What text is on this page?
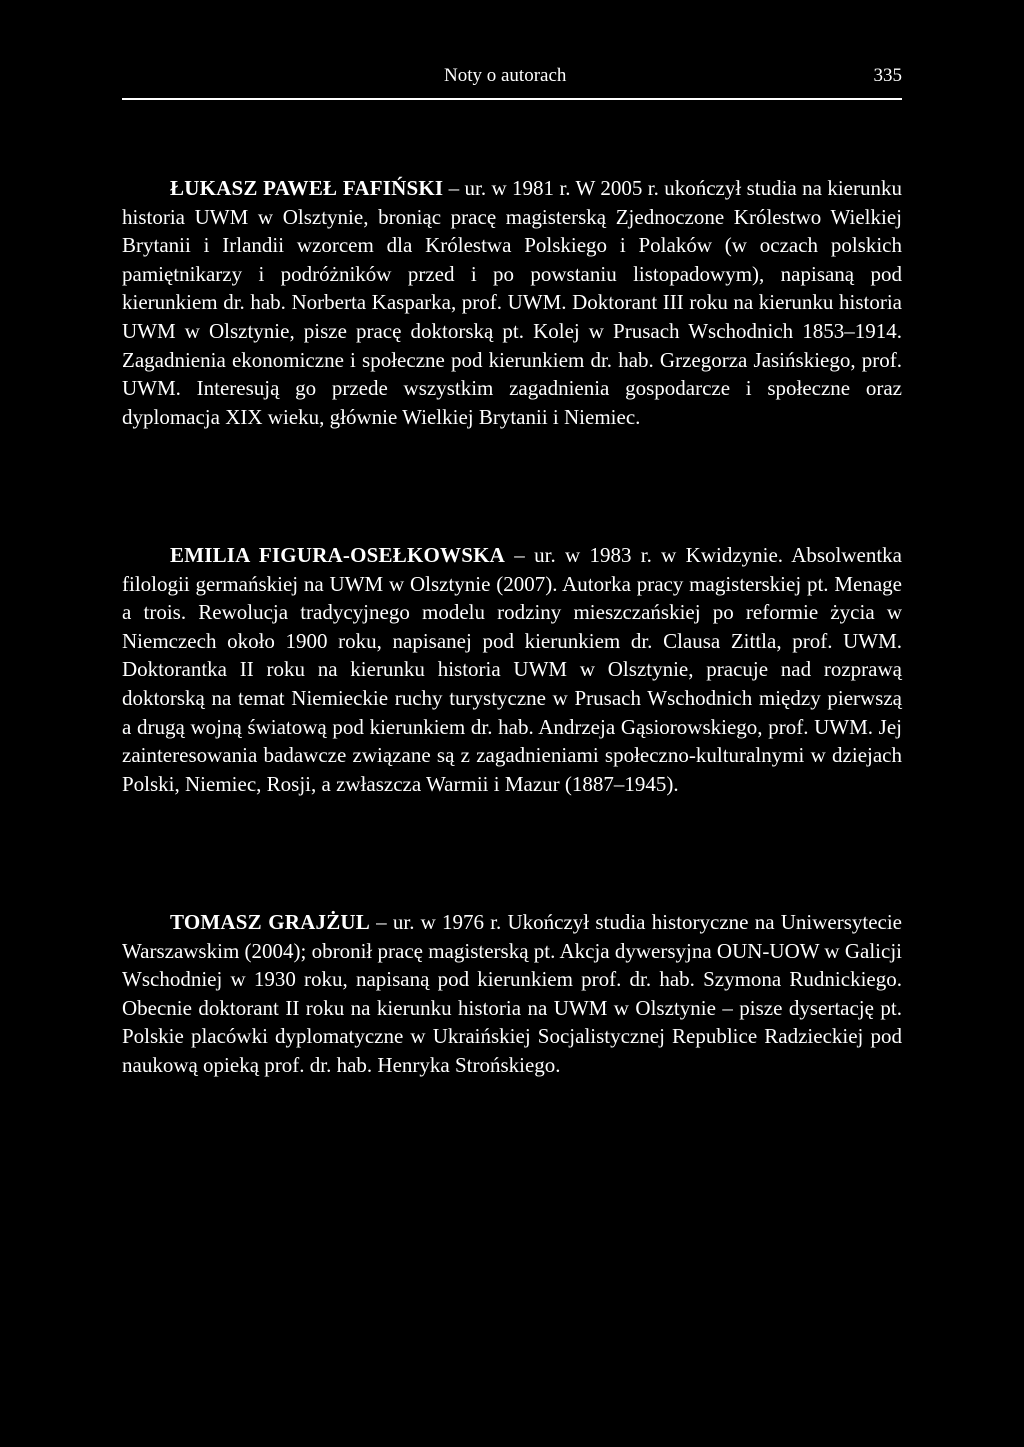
Noty o autorach	335

ŁUKASZ PAWEŁ FAFIŃSKI – ur. w 1981 r. W 2005 r. ukończył studia na kierunku historia UWM w Olsztynie, broniąc pracę magisterską Zjednoczone Królestwo Wielkiej Brytanii i Irlandii wzorcem dla Królestwa Polskiego i Polaków (w oczach polskich pamiętnikarzy i podróżników przed i po powstaniu listopadowym), napisaną pod kierunkiem dr. hab. Norberta Kasparka, prof. UWM. Doktorant III roku na kierunku historia UWM w Olsztynie, pisze pracę doktorską pt. Kolej w Prusach Wschodnich 1853–1914. Zagadnienia ekonomiczne i społeczne pod kierunkiem dr. hab. Grzegorza Jasińskiego, prof. UWM. Interesują go przede wszystkim zagadnienia gospodarcze i społeczne oraz dyplomacja XIX wieku, głównie Wielkiej Brytanii i Niemiec.

EMILIA FIGURA-OSEŁKOWSKA – ur. w 1983 r. w Kwidzynie. Absolwentka filologii germańskiej na UWM w Olsztynie (2007). Autorka pracy magisterskiej pt. Menage a trois. Rewolucja tradycyjnego modelu rodziny mieszczańskiej po reformie życia w Niemczech około 1900 roku, napisanej pod kierunkiem dr. Clausa Zittla, prof. UWM. Doktorantka II roku na kierunku historia UWM w Olsztynie, pracuje nad rozprawą doktorską na temat Niemieckie ruchy turystyczne w Prusach Wschodnich między pierwszą a drugą wojną światową pod kierunkiem dr. hab. Andrzeja Gąsiorowskiego, prof. UWM. Jej zainteresowania badawcze związane są z zagadnieniami społeczno-kulturalnymi w dziejach Polski, Niemiec, Rosji, a zwłaszcza Warmii i Mazur (1887–1945).

TOMASZ GRAJŻUL – ur. w 1976 r. Ukończył studia historyczne na Uniwersytecie Warszawskim (2004); obronił pracę magisterską pt. Akcja dywersyjna OUN-UOW w Galicji Wschodniej w 1930 roku, napisaną pod kierunkiem prof. dr. hab. Szymona Rudnickiego. Obecnie doktorant II roku na kierunku historia na UWM w Olsztynie – pisze dysertację pt. Polskie placówki dyplomatyczne w Ukraińskiej Socjalistycznej Republice Radzieckiej pod naukową opieką prof. dr. hab. Henryka Strońskiego.
